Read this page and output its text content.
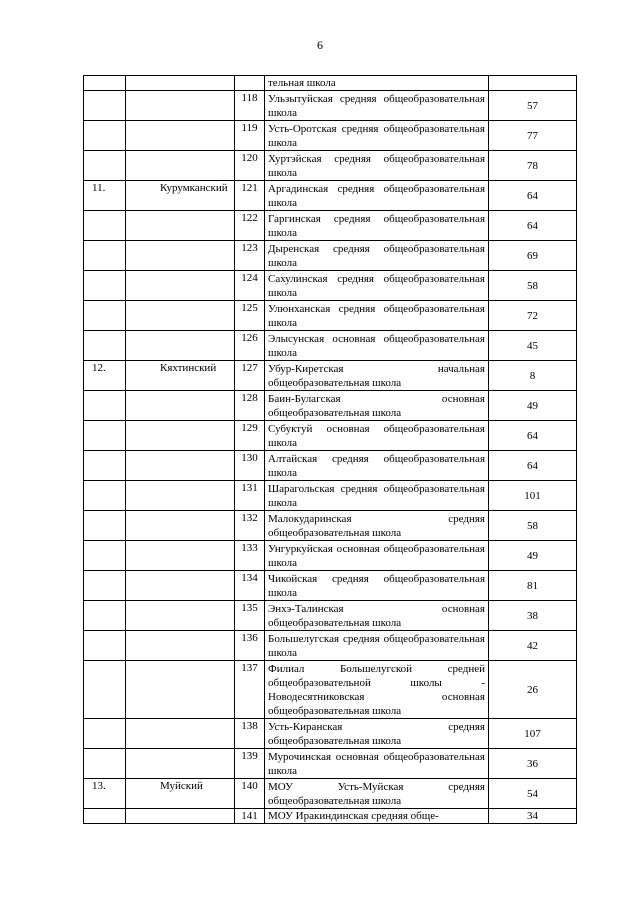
6
			тельная школа	
		118	Ульзытуйская средняя общеобразовательная школа	57
		119	Усть-Оротская средняя общеобразовательная школа	77
		120	Хуртэйская средняя общеобразовательная школа	78
11.	Курумканский	121	Аргадинская средняя общеобразовательная школа	64
		122	Гаргинская средняя общеобразовательная школа	64
		123	Дыренская средняя общеобразовательная школа	69
		124	Сахулинская средняя общеобразовательная школа	58
		125	Улюнханская средняя общеобразовательная школа	72
		126	Элысунская основная общеобразовательная школа	45
12.	Кяхтинский	127	Убур-Киретская начальная общеобразовательная школа	8
		128	Баин-Булагская основная общеобразовательная школа	49
		129	Субуктуй основная общеобразовательная школа	64
		130	Алтайская средняя общеобразовательная школа	64
		131	Шарагольская средняя общеобразовательная школа	101
		132	Малокударинская средняя общеобразовательная школа	58
		133	Унгуркуйская основная общеобразовательная школа	49
		134	Чикойская средняя общеобразовательная школа	81
		135	Энхэ-Талинская основная общеобразовательная школа	38
		136	Большелугская средняя общеобразовательная школа	42
		137	Филиал Большелугской средней общеобразовательной школы - Новодесятниковская основная общеобразовательная школа	26
		138	Усть-Киранская средняя общеобразовательная школа	107
		139	Мурочинская основная общеобразовательная школа	36
13.	Муйский	140	МОУ Усть-Муйская средняя общеобразовательная школа	54
		141	МОУ Иракиндинская средняя обще-	34
